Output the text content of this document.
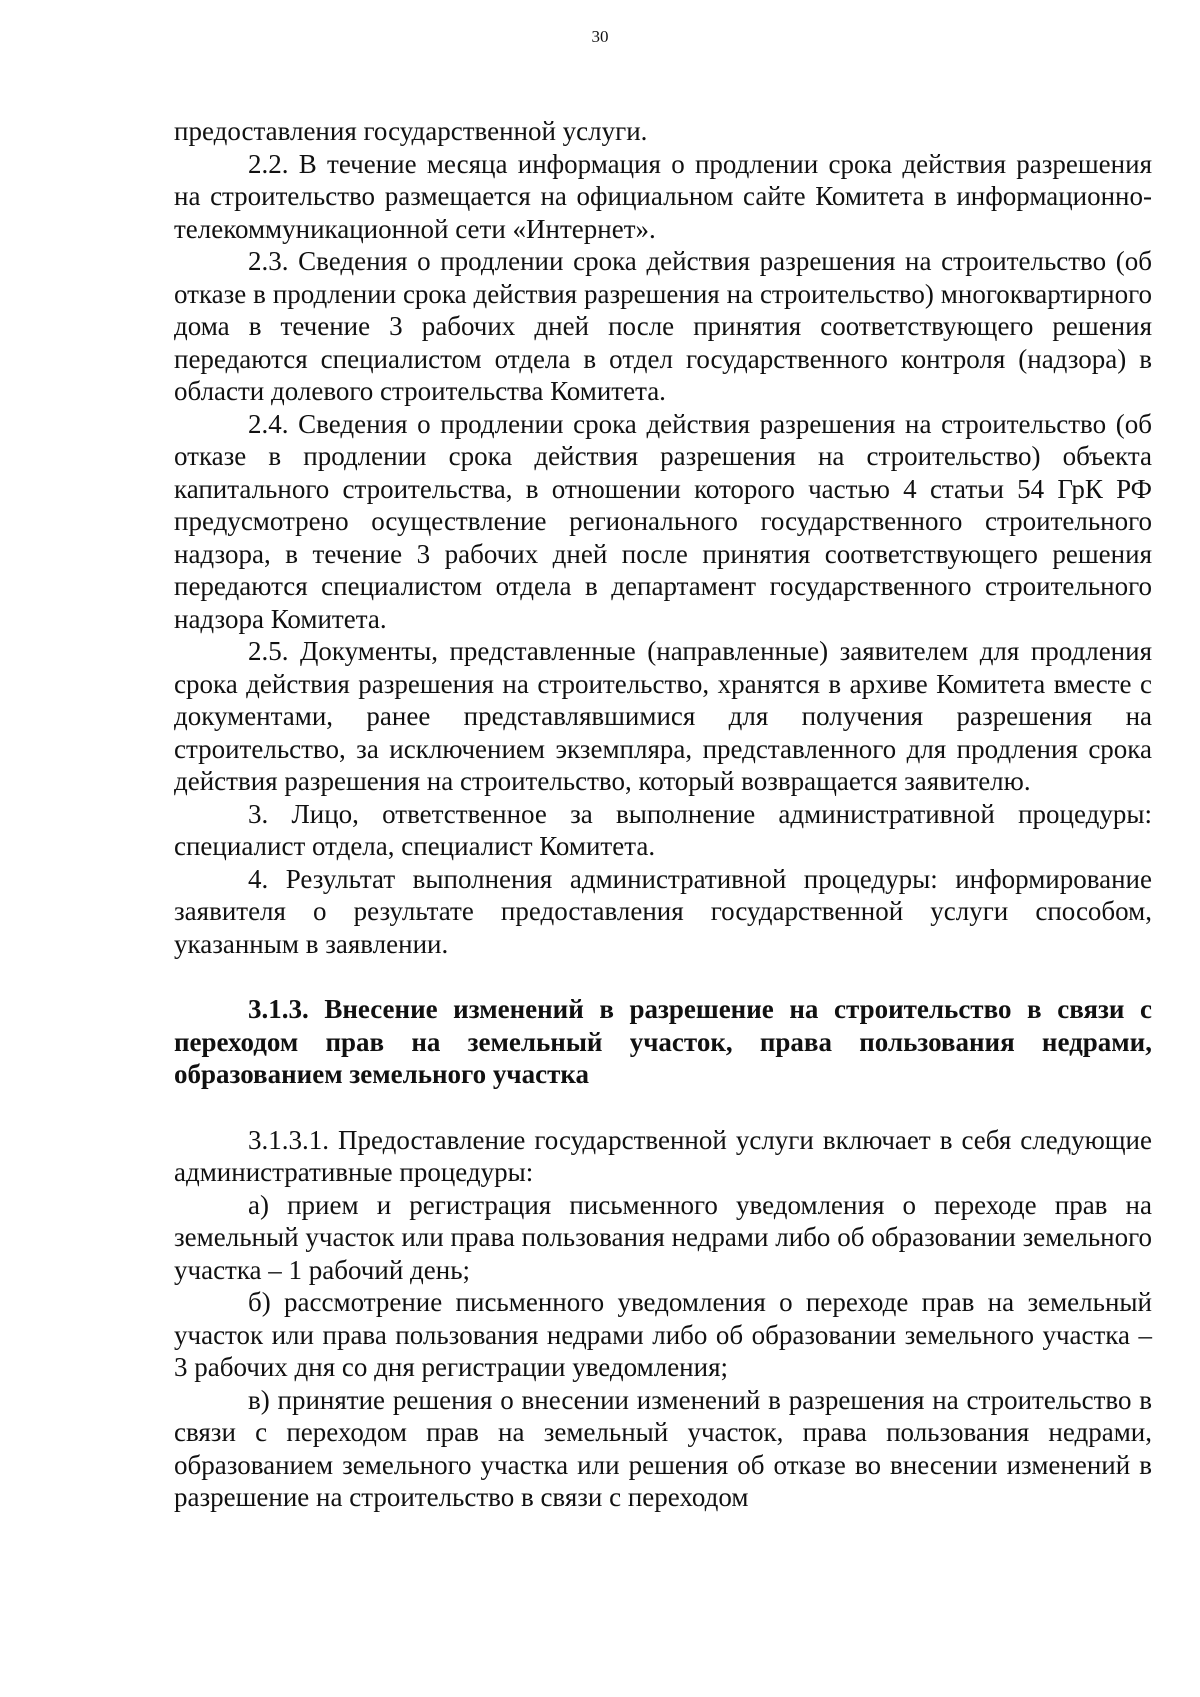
30

предоставления государственной услуги.

2.2. В течение месяца информация о продлении срока действия разрешения на строительство размещается на официальном сайте Комитета в информационно-телекоммуникационной сети «Интернет».

2.3. Сведения о продлении срока действия разрешения на строительство (об отказе в продлении срока действия разрешения на строительство) многоквартирного дома в течение 3 рабочих дней после принятия соответствующего решения передаются специалистом отдела в отдел государственного контроля (надзора) в области долевого строительства Комитета.

2.4. Сведения о продлении срока действия разрешения на строительство (об отказе в продлении срока действия разрешения на строительство) объекта капитального строительства, в отношении которого частью 4 статьи 54 ГрК РФ предусмотрено осуществление регионального государственного строительного надзора, в течение 3 рабочих дней после принятия соответствующего решения передаются специалистом отдела в департамент государственного строительного надзора Комитета.

2.5. Документы, представленные (направленные) заявителем для продления срока действия разрешения на строительство, хранятся в архиве Комитета вместе с документами, ранее представлявшимися для получения разрешения на строительство, за исключением экземпляра, представленного для продления срока действия разрешения на строительство, который возвращается заявителю.

3. Лицо, ответственное за выполнение административной процедуры: специалист отдела, специалист Комитета.

4. Результат выполнения административной процедуры: информирование заявителя о результате предоставления государственной услуги способом, указанным в заявлении.

3.1.3. Внесение изменений в разрешение на строительство в связи с переходом прав на земельный участок, права пользования недрами, образованием земельного участка

3.1.3.1. Предоставление государственной услуги включает в себя следующие административные процедуры:

а) прием и регистрация письменного уведомления о переходе прав на земельный участок или права пользования недрами либо об образовании земельного участка – 1 рабочий день;

б) рассмотрение письменного уведомления о переходе прав на земельный участок или права пользования недрами либо об образовании земельного участка – 3 рабочих дня со дня регистрации уведомления;

в) принятие решения о внесении изменений в разрешения на строительство в связи с переходом прав на земельный участок, права пользования недрами, образованием земельного участка или решения об отказе во внесении изменений в разрешение на строительство в связи с переходом
